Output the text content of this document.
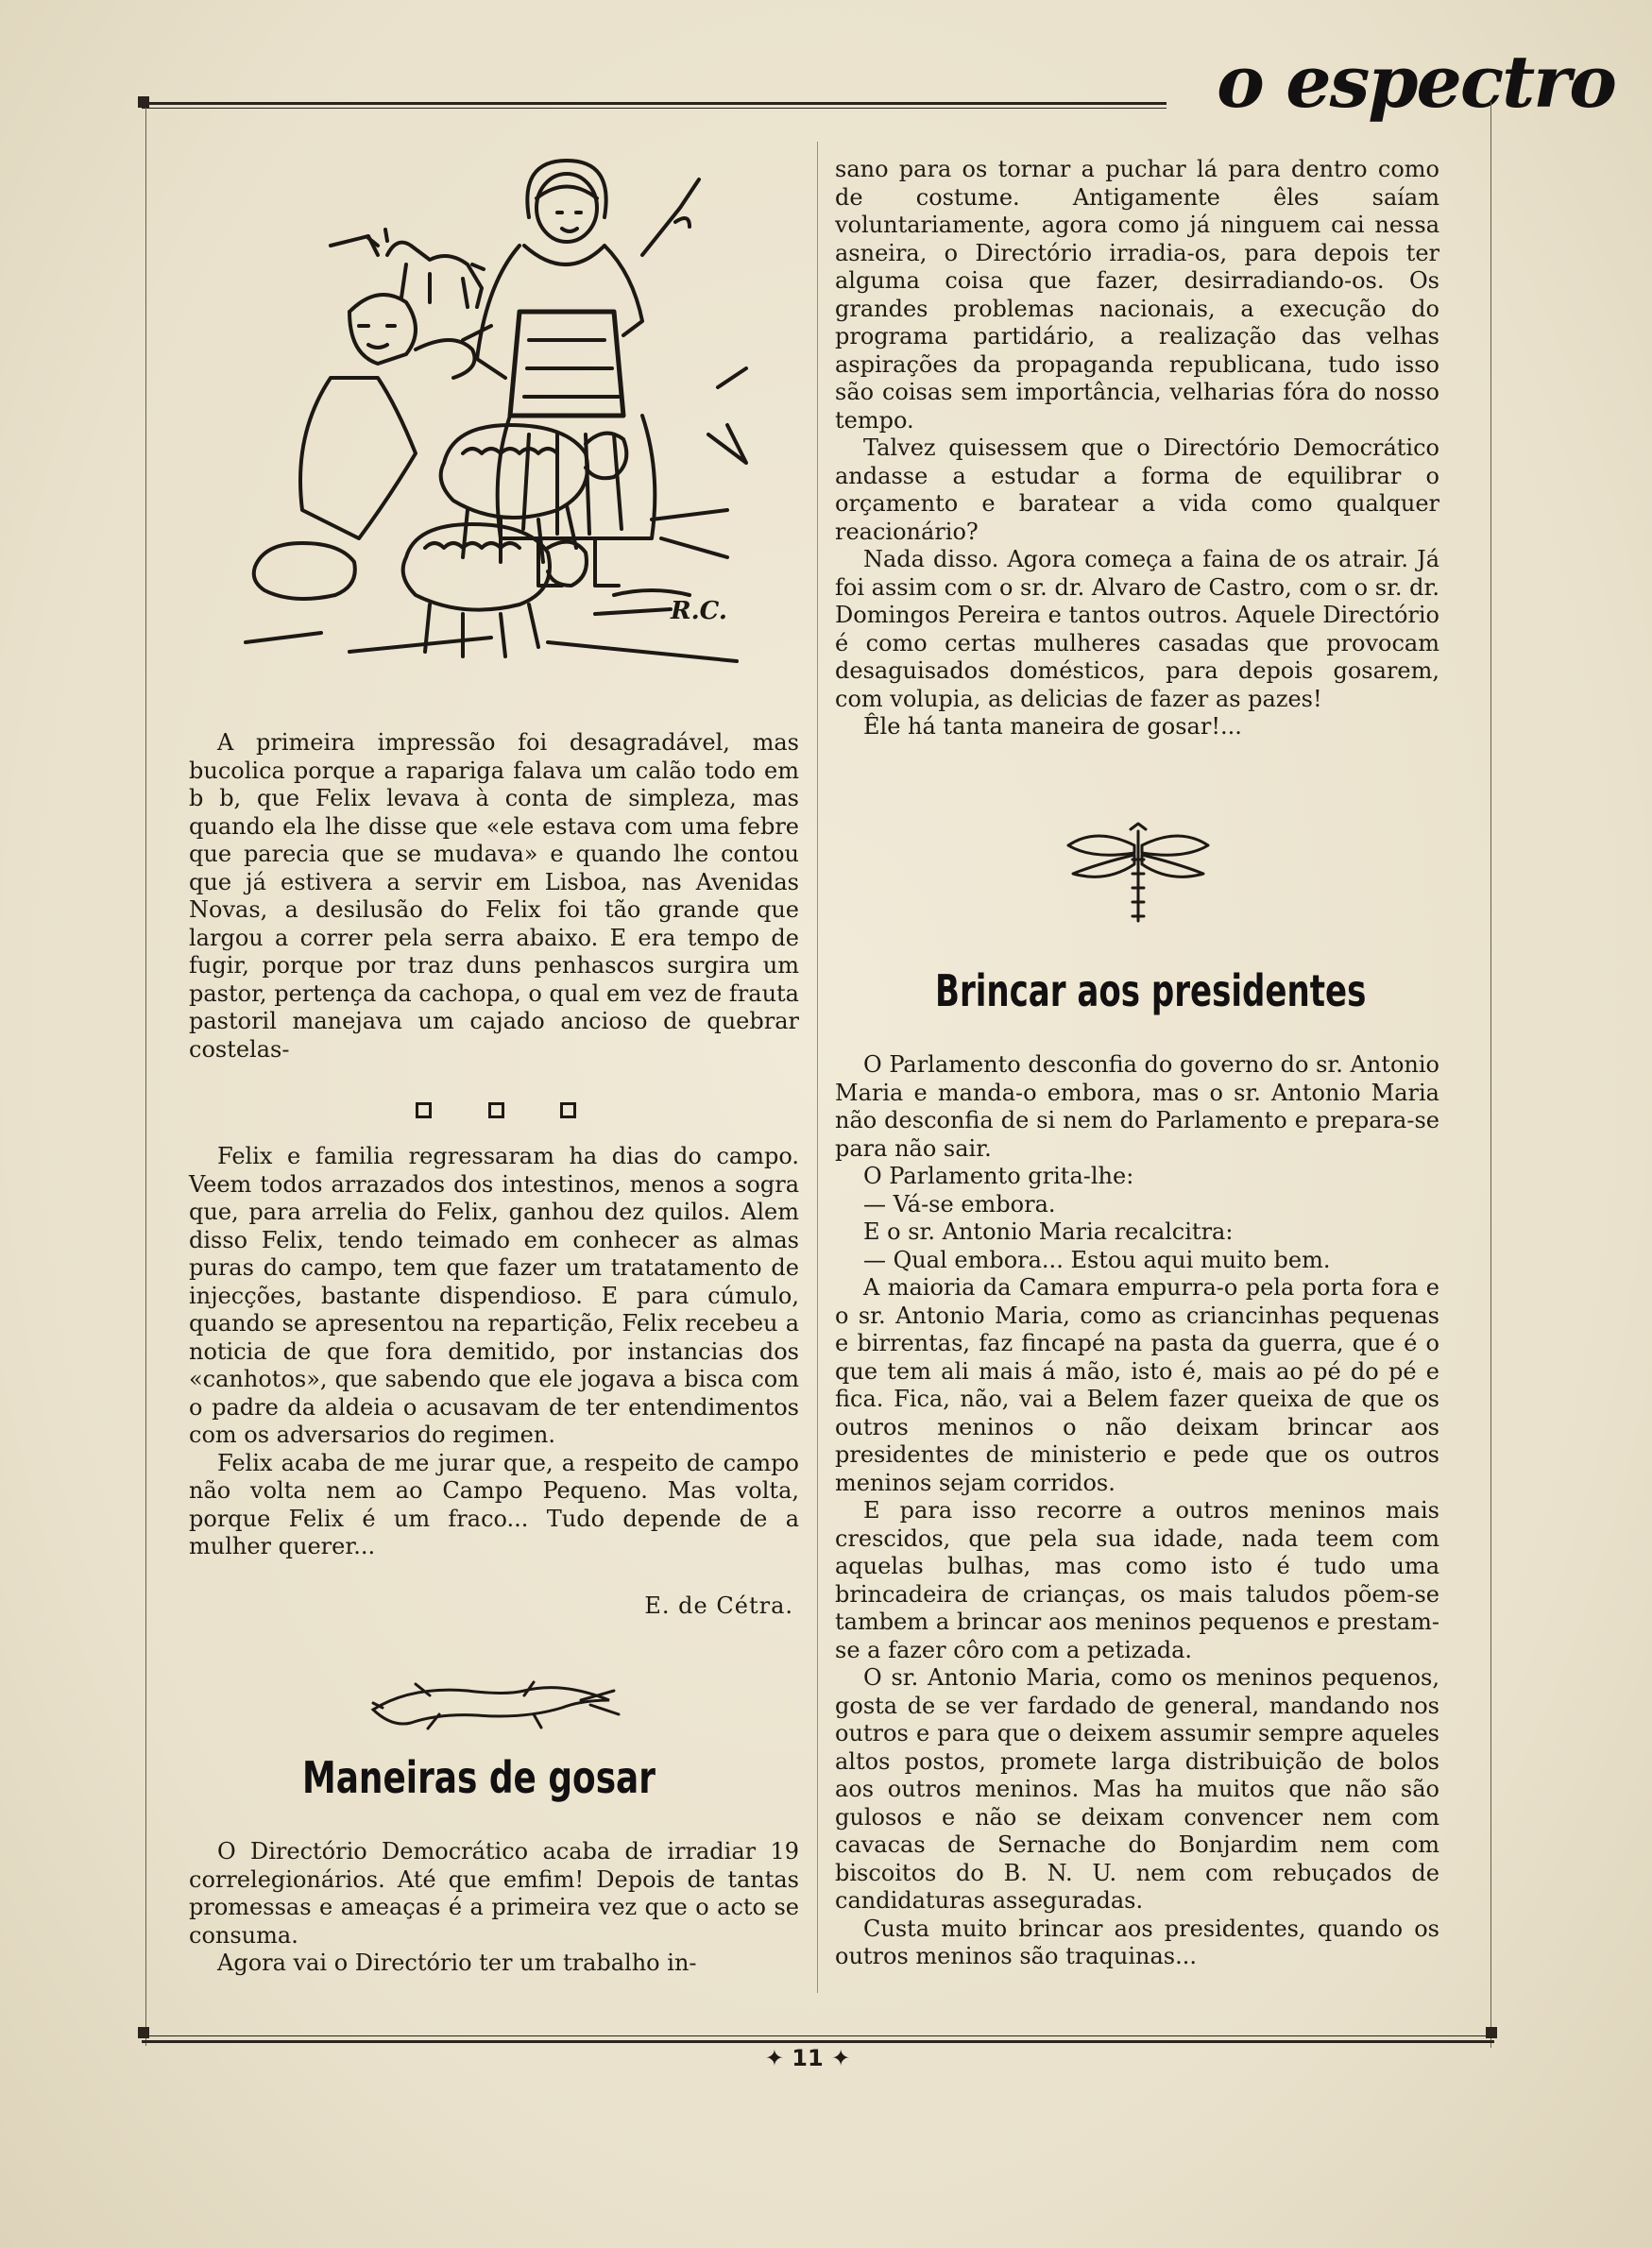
o espectro
R.C.

A primeira impressão foi desagradável, mas bucolica porque a rapariga falava um calão todo em b b, que Felix levava à conta de simpleza, mas quando ela lhe disse que «ele estava com uma febre que parecia que se mudava» e quando lhe contou que já estivera a servir em Lisboa, nas Avenidas Novas, a desilusão do Felix foi tão grande que largou a correr pela serra abaixo. E era tempo de fugir, porque por traz duns penhascos surgira um pastor, pertença da cachopa, o qual em vez de frauta pastoril manejava um cajado ancioso de quebrar costelas-

Felix e familia regressaram ha dias do campo. Veem todos arrazados dos intestinos, menos a sogra que, para arrelia do Felix, ganhou dez quilos. Alem disso Felix, tendo teimado em conhecer as almas puras do campo, tem que fazer um tratatamento de injecções, bastante dispendioso. E para cúmulo, quando se apresentou na repartição, Felix recebeu a noticia de que fora demitido, por instancias dos «canhotos», que sabendo que ele jogava a bisca com o padre da aldeia o acusavam de ter entendimentos com os adversarios do regimen.

Felix acaba de me jurar que, a respeito de campo não volta nem ao Campo Pequeno. Mas volta, porque Felix é um fraco... Tudo depende de a mulher querer...

E. de Cétra.
Maneiras de gosar

O Directório Democrático acaba de irradiar 19 correlegionários. Até que emfim! Depois de tantas promessas e ameaças é a primeira vez que o acto se consuma.

Agora vai o Directório ter um trabalho in-

sano para os tornar a puchar lá para dentro como de costume. Antigamente êles saíam voluntariamente, agora como já ninguem cai nessa asneira, o Directório irradia-os, para depois ter alguma coisa que fazer, desirradiando-os. Os grandes problemas nacionais, a execução do programa partidário, a realização das velhas aspirações da propaganda republicana, tudo isso são coisas sem importância, velharias fóra do nosso tempo.

Talvez quisessem que o Directório Democrático andasse a estudar a forma de equilibrar o orçamento e baratear a vida como qualquer reacionário?

Nada disso. Agora começa a faina de os atrair. Já foi assim com o sr. dr. Alvaro de Castro, com o sr. dr. Domingos Pereira e tantos outros. Aquele Directório é como certas mulheres casadas que provocam desaguisados domésticos, para depois gosarem, com volupia, as delicias de fazer as pazes!

Êle há tanta maneira de gosar!...

Brincar aos presidentes

O Parlamento desconfia do governo do sr. Antonio Maria e manda-o embora, mas o sr. Antonio Maria não desconfia de si nem do Parlamento e prepara-se para não sair.

O Parlamento grita-lhe:

— Vá-se embora.

E o sr. Antonio Maria recalcitra:

— Qual embora... Estou aqui muito bem.

A maioria da Camara empurra-o pela porta fora e o sr. Antonio Maria, como as criancinhas pequenas e birrentas, faz fincapé na pasta da guerra, que é o que tem ali mais á mão, isto é, mais ao pé do pé e fica. Fica, não, vai a Belem fazer queixa de que os outros meninos o não deixam brincar aos presidentes de ministerio e pede que os outros meninos sejam corridos.

E para isso recorre a outros meninos mais crescidos, que pela sua idade, nada teem com aquelas bulhas, mas como isto é tudo uma brincadeira de crianças, os mais taludos põem-se tambem a brincar aos meninos pequenos e prestam-se a fazer côro com a petizada.

O sr. Antonio Maria, como os meninos pequenos, gosta de se ver fardado de general, mandando nos outros e para que o deixem assumir sempre aqueles altos postos, promete larga distribuição de bolos aos outros meninos. Mas ha muitos que não são gulosos e não se deixam convencer nem com cavacas de Sernache do Bonjardim nem com biscoitos do B. N. U. nem com rebuçados de candidaturas asseguradas.

Custa muito brincar aos presidentes, quando os outros meninos são traquinas...

✦ 11 ✦
